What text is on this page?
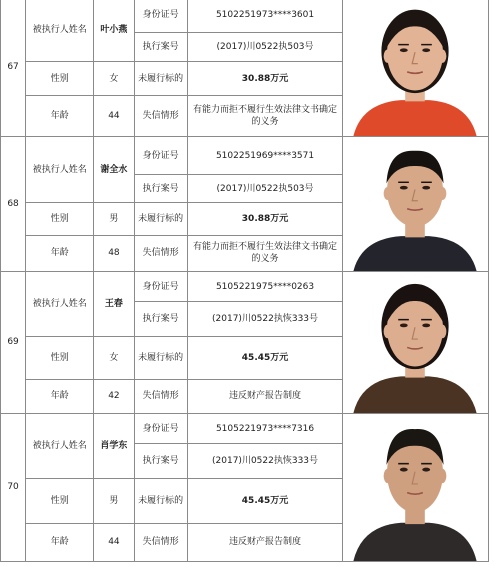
67	被执行人姓名	叶小燕	身份证号	5102251973****3601	

			执行案号	(2017)川0522执503号	
	性别	女	未履行标的	30.88万元	
	年龄	44	失信情形	有能力而拒不履行生效法律文书确定的义务	
68	被执行人姓名	谢全水	身份证号	5102251969****3571	

			执行案号	(2017)川0522执503号	
	性别	男	未履行标的	30.88万元	
	年龄	48	失信情形	有能力而拒不履行生效法律文书确定的义务	
69	被执行人姓名	王春	身份证号	5105221975****0263	

			执行案号	(2017)川0522执恢333号	
	性别	女	未履行标的	45.45万元	
	年龄	42	失信情形	违反财产报告制度	
70	被执行人姓名	肖学东	身份证号	5105221973****7316	

			执行案号	(2017)川0522执恢333号	
	性别	男	未履行标的	45.45万元	
	年龄	44	失信情形	违反财产报告制度	
